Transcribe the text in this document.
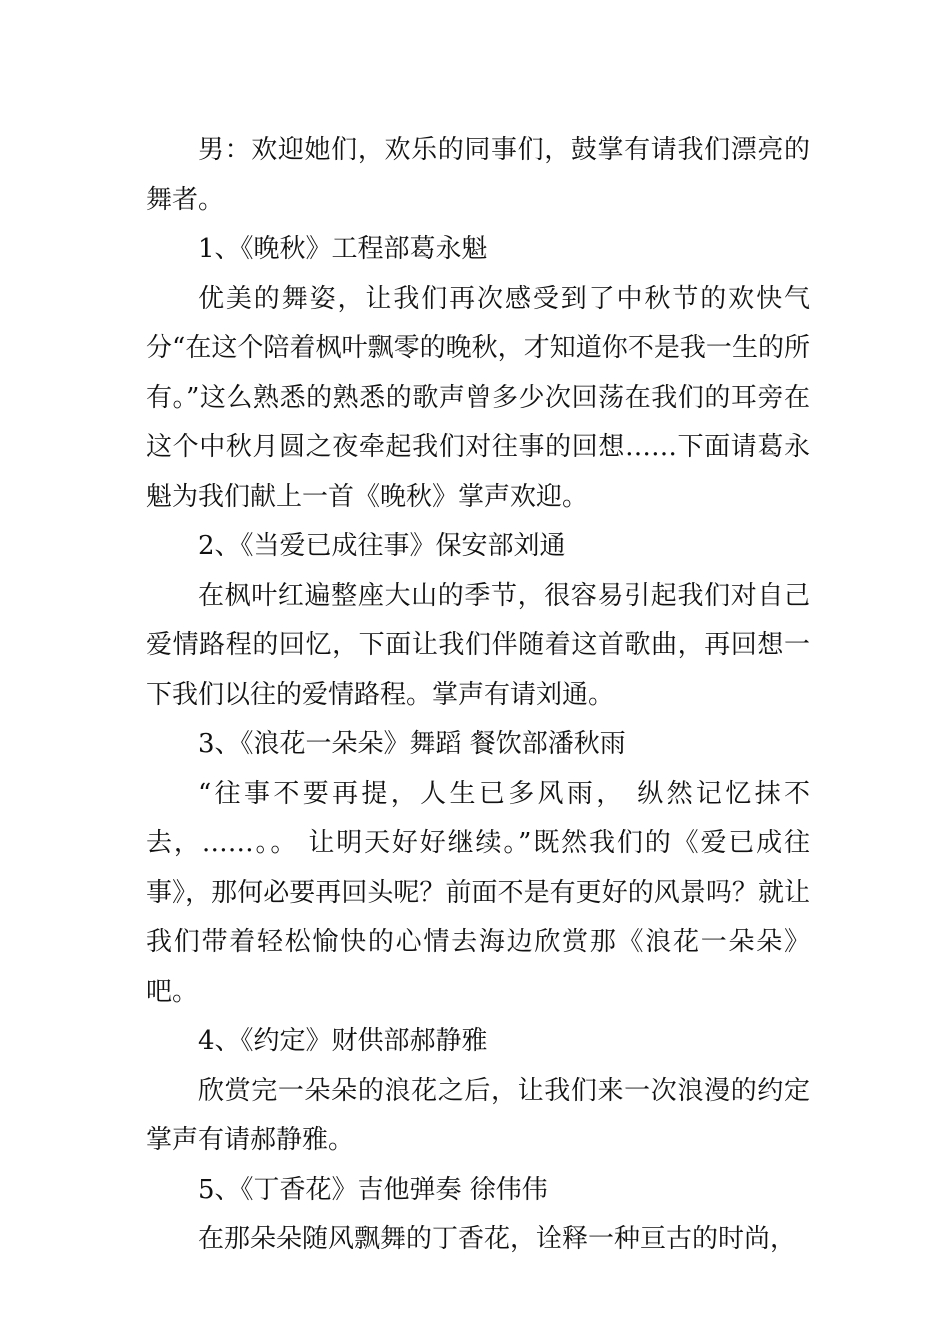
男：欢迎她们，欢乐的同事们，鼓掌有请我们漂亮的舞者。

1、《晚秋》工程部葛永魁

优美的舞姿，让我们再次感受到了中秋节的欢快气分“在这个陪着枫叶飘零的晚秋，才知道你不是我一生的所有。”这么熟悉的熟悉的歌声曾多少次回荡在我们的耳旁在这个中秋月圆之夜牵起我们对往事的回想……下面请葛永魁为我们献上一首《晚秋》掌声欢迎。

2、《当爱已成往事》保安部刘通

在枫叶红遍整座大山的季节，很容易引起我们对自己爱情路程的回忆，下面让我们伴随着这首歌曲，再回想一下我们以往的爱情路程。掌声有请刘通。

3、《浪花一朵朵》舞蹈 餐饮部潘秋雨

“往事不要再提，人生已多风雨， 纵然记忆抹不去，……。。 让明天好好继续。”既然我们的《爱已成往事》，那何必要再回头呢？前面不是有更好的风景吗？就让我们带着轻松愉快的心情去海边欣赏那《浪花一朵朵》吧。

4、《约定》财供部郝静雅

欣赏完一朵朵的浪花之后，让我们来一次浪漫的约定掌声有请郝静雅。

5、《丁香花》吉他弹奏 徐伟伟

在那朵朵随风飘舞的丁香花，诠释一种亘古的时尚，
